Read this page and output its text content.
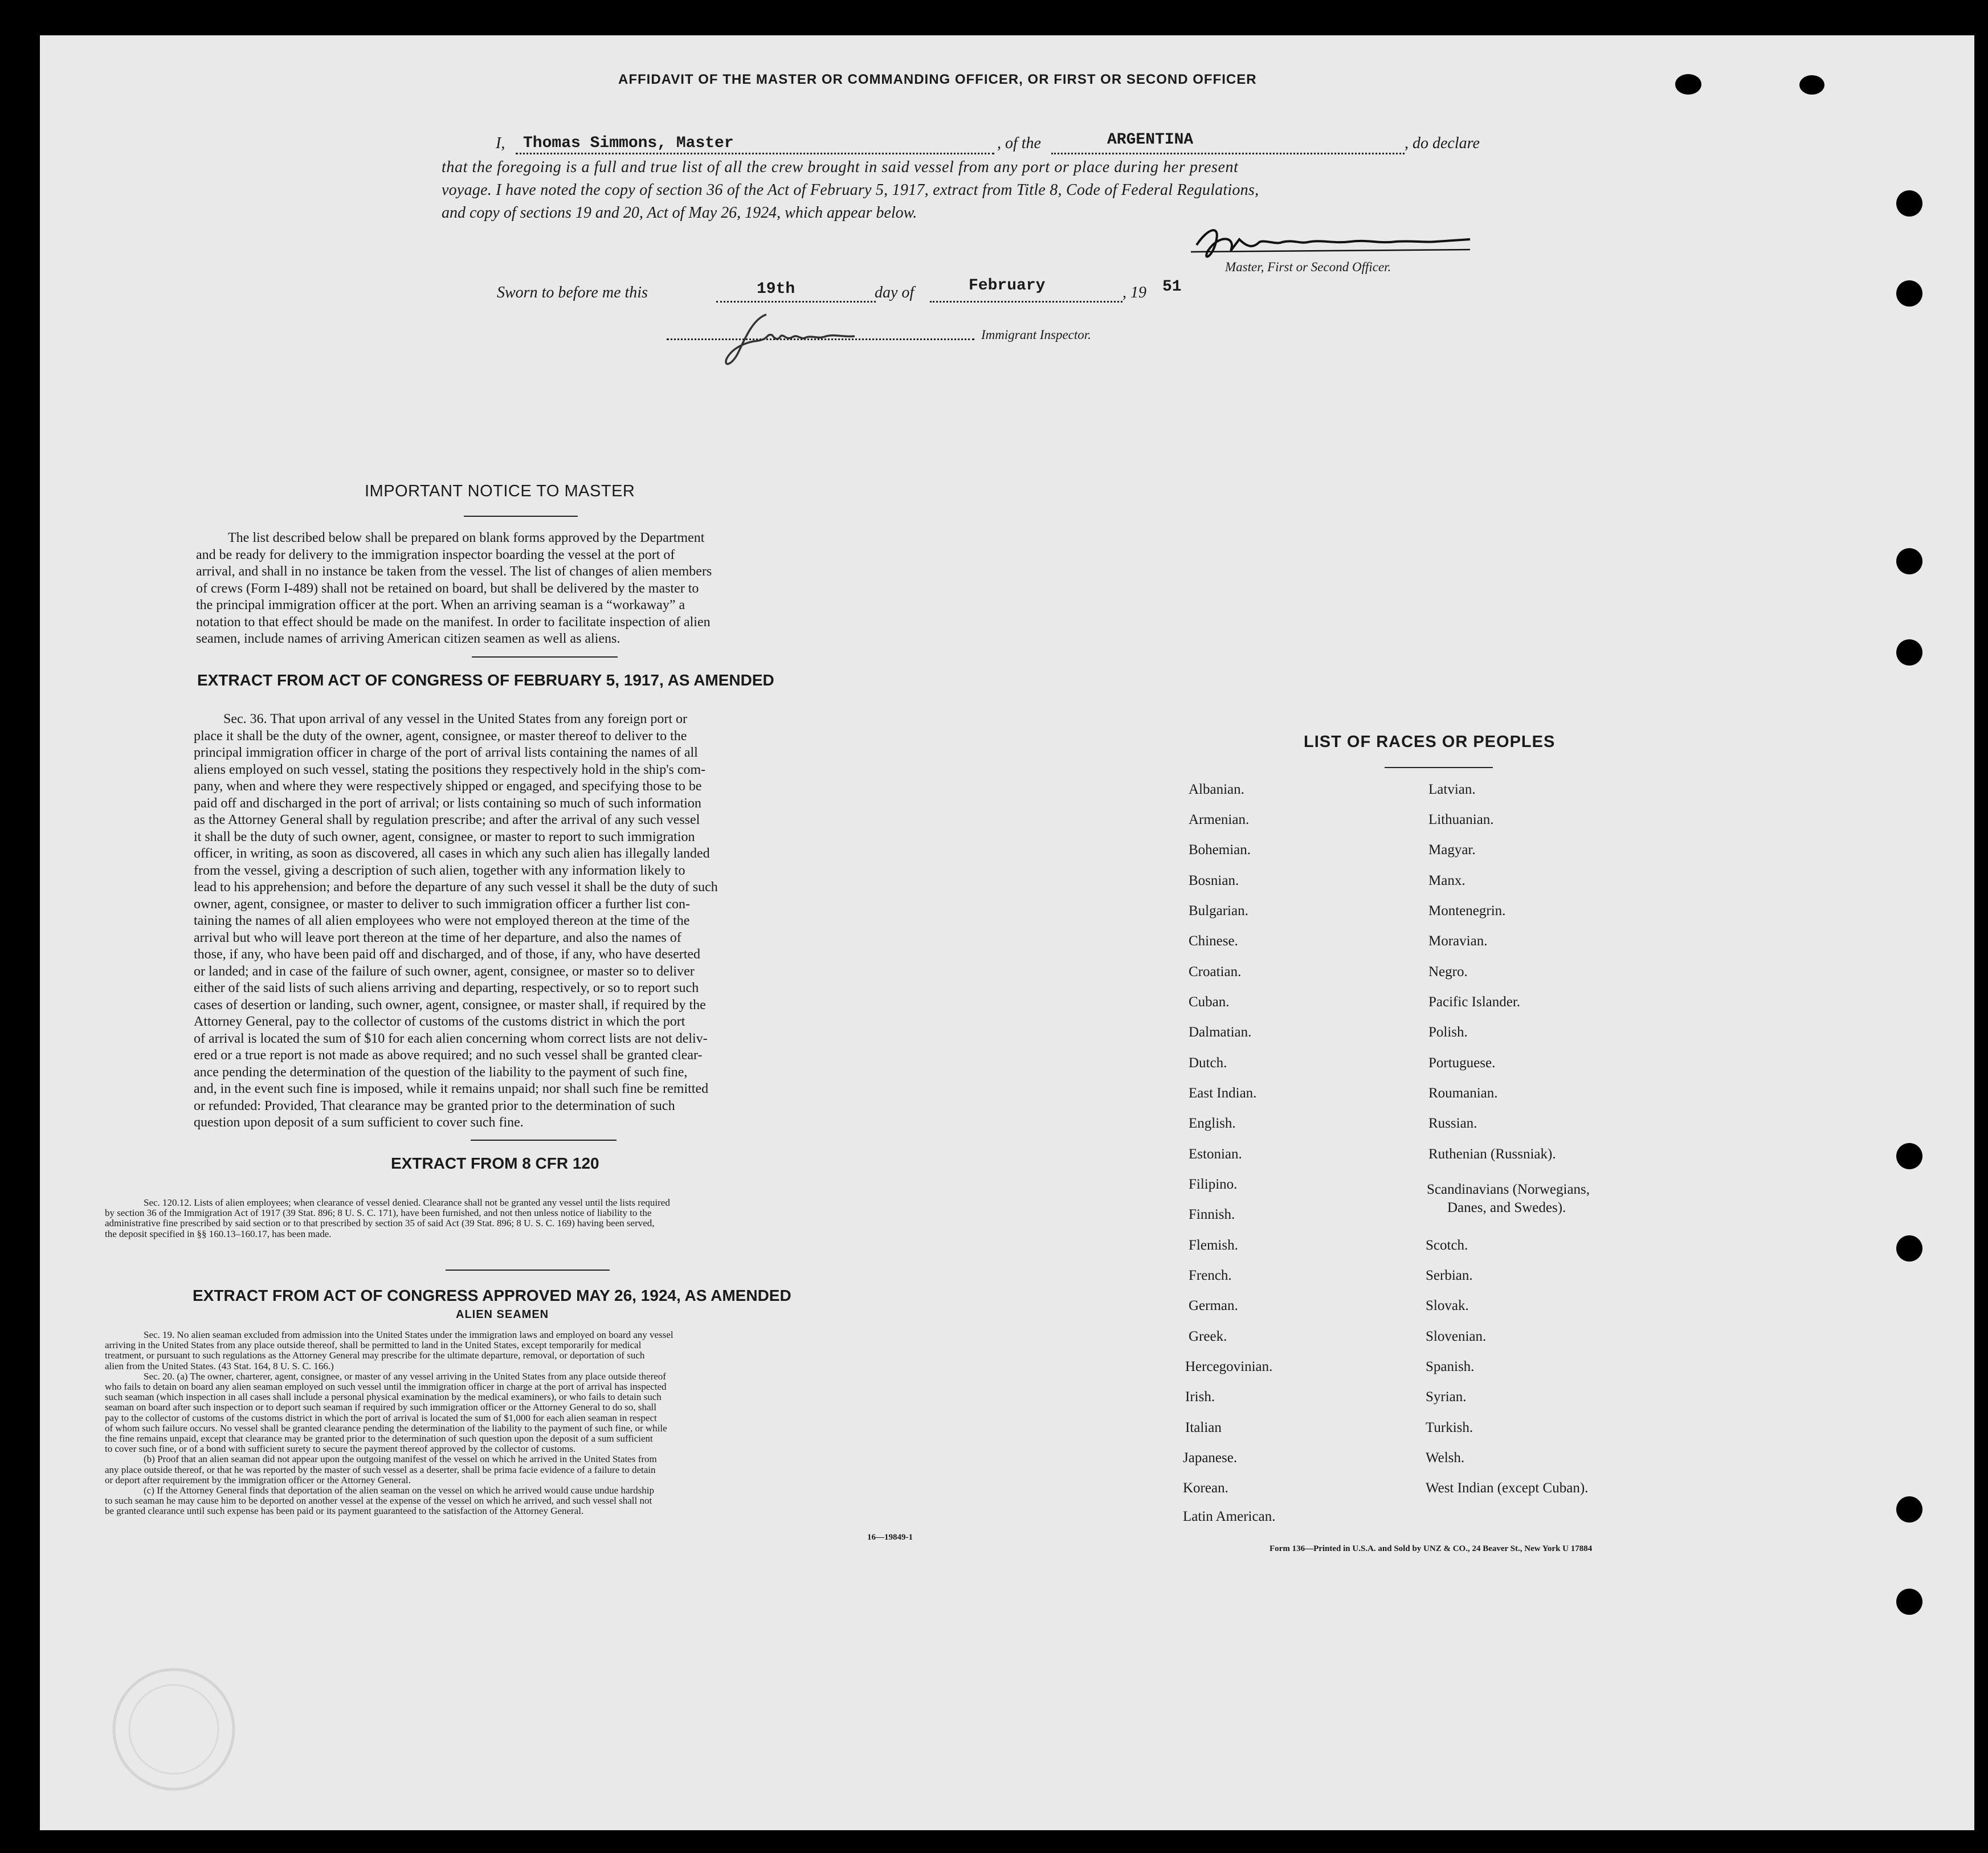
AFFIDAVIT OF THE MASTER OR COMMANDING OFFICER, OR FIRST OR SECOND OFFICER
I, Thomas Simmons, Master	, of the	ARGENTINA	, do declare
that the foregoing is a full and true list of all the crew brought in said vessel from any port or place during her present
voyage. I have noted the copy of section 36 of the Act of February 5, 1917, extract from Title 8, Code of Federal Regulations,
and copy of sections 19 and 20, Act of May 26, 1924, which appear below.
Master, First or Second Officer.
Sworn to before me this	19th	day of	February	, 19 51
Immigrant Inspector.
IMPORTANT NOTICE TO MASTER
The list described below shall be prepared on blank forms approved by the Department
and be ready for delivery to the immigration inspector boarding the vessel at the port of
arrival, and shall in no instance be taken from the vessel. The list of changes of alien members
of crews (Form I-489) shall not be retained on board, but shall be delivered by the master to
the principal immigration officer at the port. When an arriving seaman is a “workaway” a
notation to that effect should be made on the manifest. In order to facilitate inspection of alien
seamen, include names of arriving American citizen seamen as well as aliens.
EXTRACT FROM ACT OF CONGRESS OF FEBRUARY 5, 1917, AS AMENDED
Sec. 36. That upon arrival of any vessel in the United States from any foreign port or
place it shall be the duty of the owner, agent, consignee, or master thereof to deliver to the
principal immigration officer in charge of the port of arrival lists containing the names of all
aliens employed on such vessel, stating the positions they respectively hold in the ship's com-
pany, when and where they were respectively shipped or engaged, and specifying those to be
paid off and discharged in the port of arrival; or lists containing so much of such information
as the Attorney General shall by regulation prescribe; and after the arrival of any such vessel
it shall be the duty of such owner, agent, consignee, or master to report to such immigration
officer, in writing, as soon as discovered, all cases in which any such alien has illegally landed
from the vessel, giving a description of such alien, together with any information likely to
lead to his apprehension; and before the departure of any such vessel it shall be the duty of such
owner, agent, consignee, or master to deliver to such immigration officer a further list con-
taining the names of all alien employees who were not employed thereon at the time of the
arrival but who will leave port thereon at the time of her departure, and also the names of
those, if any, who have been paid off and discharged, and of those, if any, who have deserted
or landed; and in case of the failure of such owner, agent, consignee, or master so to deliver
either of the said lists of such aliens arriving and departing, respectively, or so to report such
cases of desertion or landing, such owner, agent, consignee, or master shall, if required by the
Attorney General, pay to the collector of customs of the customs district in which the port
of arrival is located the sum of $10 for each alien concerning whom correct lists are not deliv-
ered or a true report is not made as above required; and no such vessel shall be granted clear-
ance pending the determination of the question of the liability to the payment of such fine,
and, in the event such fine is imposed, while it remains unpaid; nor shall such fine be remitted
or refunded: Provided, That clearance may be granted prior to the determination of such
question upon deposit of a sum sufficient to cover such fine.
EXTRACT FROM 8 CFR 120
Sec. 120.12. Lists of alien employees; when clearance of vessel denied. Clearance shall not be granted any vessel until the lists required
by section 36 of the Immigration Act of 1917 (39 Stat. 896; 8 U. S. C. 171), have been furnished, and not then unless notice of liability to the
administrative fine prescribed by said section or to that prescribed by section 35 of said Act (39 Stat. 896; 8 U. S. C. 169) having been served,
the deposit specified in §§ 160.13–160.17, has been made.
EXTRACT FROM ACT OF CONGRESS APPROVED MAY 26, 1924, AS AMENDED
ALIEN SEAMEN
Sec. 19. No alien seaman excluded from admission into the United States under the immigration laws and employed on board any vessel
arriving in the United States from any place outside thereof, shall be permitted to land in the United States, except temporarily for medical
treatment, or pursuant to such regulations as the Attorney General may prescribe for the ultimate departure, removal, or deportation of such
alien from the United States. (43 Stat. 164, 8 U. S. C. 166.)
Sec. 20. (a) The owner, charterer, agent, consignee, or master of any vessel arriving in the United States from any place outside thereof
who fails to detain on board any alien seaman employed on such vessel until the immigration officer in charge at the port of arrival has inspected
such seaman (which inspection in all cases shall include a personal physical examination by the medical examiners), or who fails to detain such
seaman on board after such inspection or to deport such seaman if required by such immigration officer or the Attorney General to do so, shall
pay to the collector of customs of the customs district in which the port of arrival is located the sum of $1,000 for each alien seaman in respect
of whom such failure occurs. No vessel shall be granted clearance pending the determination of the liability to the payment of such fine, or while
the fine remains unpaid, except that clearance may be granted prior to the determination of such question upon the deposit of a sum sufficient
to cover such fine, or of a bond with sufficient surety to secure the payment thereof approved by the collector of customs.
(b) Proof that an alien seaman did not appear upon the outgoing manifest of the vessel on which he arrived in the United States from
any place outside thereof, or that he was reported by the master of such vessel as a deserter, shall be prima facie evidence of a failure to detain
or deport after requirement by the immigration officer or the Attorney General.
(c) If the Attorney General finds that deportation of the alien seaman on the vessel on which he arrived would cause undue hardship
to such seaman he may cause him to be deported on another vessel at the expense of the vessel on which he arrived, and such vessel shall not
be granted clearance until such expense has been paid or its payment guaranteed to the satisfaction of the Attorney General.
16—19849-1
LIST OF RACES OR PEOPLES
Albanian.
Armenian.
Bohemian.
Bosnian.
Bulgarian.
Chinese.
Croatian.
Cuban.
Dalmatian.
Dutch.
East Indian.
English.
Estonian.
Filipino.
Finnish.
Flemish.
French.
German.
Greek.
Hercegovinian.
Irish.
Italian
Japanese.
Korean.
Latin American.
Latvian.
Lithuanian.
Magyar.
Manx.
Montenegrin.
Moravian.
Negro.
Pacific Islander.
Polish.
Portuguese.
Roumanian.
Russian.
Ruthenian (Russniak).
Scandinavians (Norwegians,
Danes, and Swedes).
Scotch.
Serbian.
Slovak.
Slovenian.
Spanish.
Syrian.
Turkish.
Welsh.
West Indian (except Cuban).
Form 136—Printed in U.S.A. and Sold by UNZ & CO., 24 Beaver St., New York U 17884
